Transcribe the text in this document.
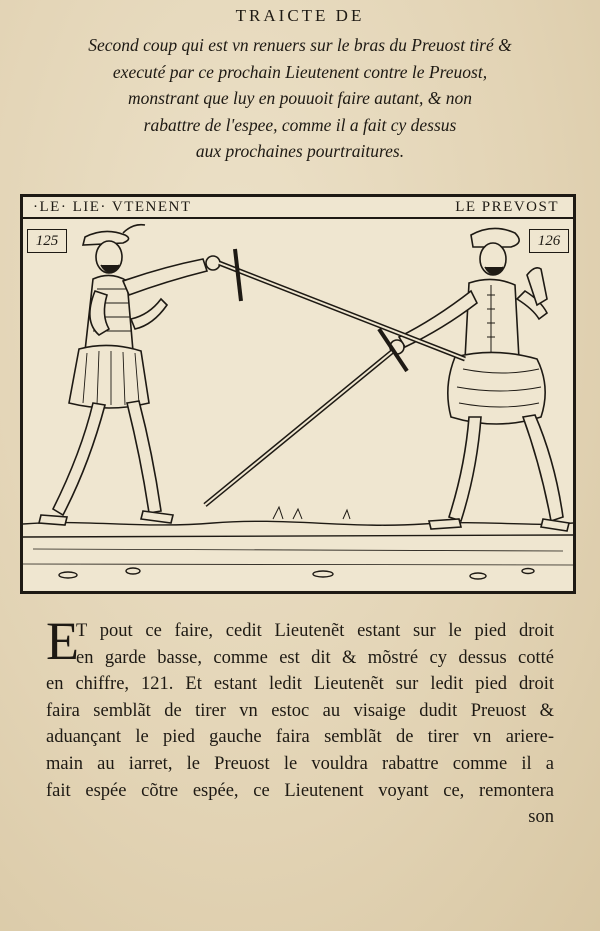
TRAICTE DE
Second coup qui est vn renuers sur le bras du Preuost tiré &
executé par ce prochain Lieutenent contre le Preuost,
monstrant que luy en pouuoit faire autant, & non
rabattre de l'espee, comme il a fait cy dessus
aux prochaines pourtraitures.
·LE· LIE· VTENENT	LE PREVOST
125	126
E
T pout ce faire, cedit Lieutenẽt estant sur le pied droit
en garde basse, comme est dit & mõstré cy dessus cotté
en chiffre, 121. Et estant ledit Lieutenẽt sur ledit pied droit
faira semblãt de tirer vn estoc au visaige dudit Preuost &
aduançant le pied gauche faira semblãt de tirer vn ariere-
main au iarret, le Preuost le vouldra rabattre comme il a
fait espée cõtre espée, ce Lieutenent voyant ce, remontera
son
